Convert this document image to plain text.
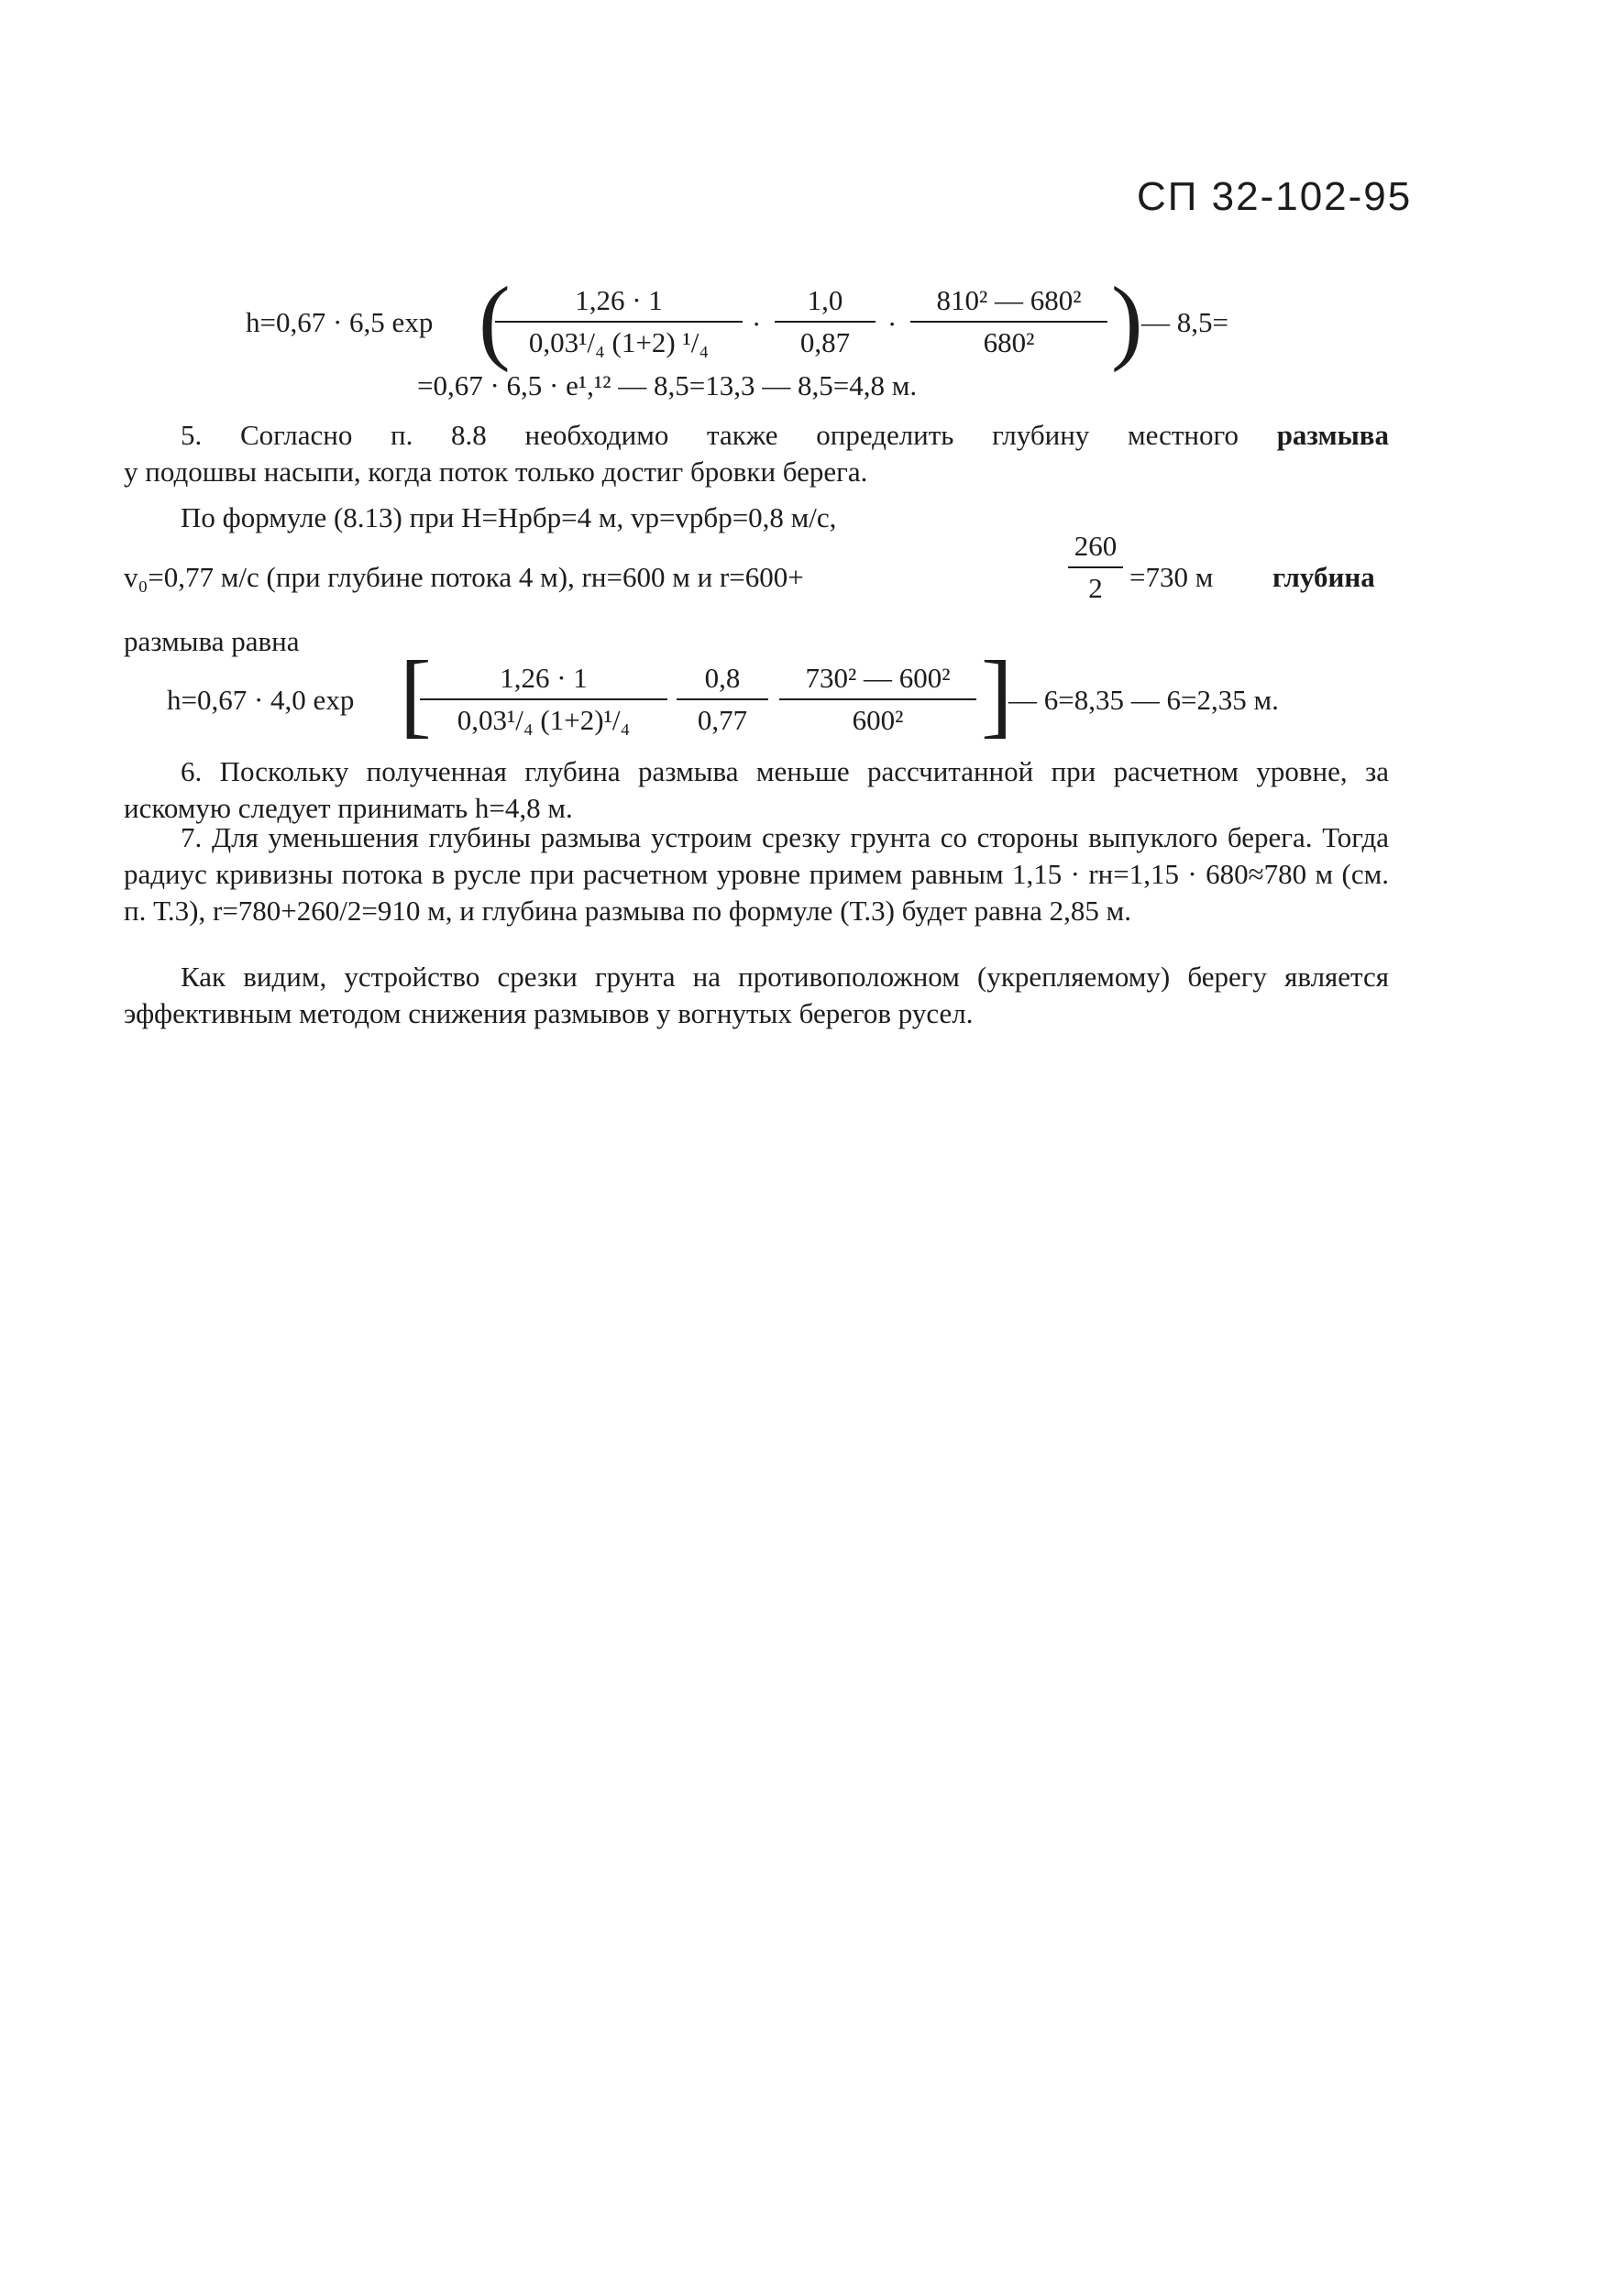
СП 32-102-95
h=0,67 · 6,5 exp (
$\frac{1,26 \cdot 1}{\text{0,03¹/₄ (1+2) ¹/₄}} \cdot \frac{1,0}{0,87} \cdot \frac{\text{810² — 680²}}{\text{680²}}$ )
— 8,5=
=0,67 · 6,5 · e¹,¹² — 8,5=13,3 — 8,5=4,8 м.
5. Согласно п. 8.8 необходимо также определить глубину местного размыва
у подошвы насыпи, когда поток только достиг бровки берега.
По формуле (8.13) при H=Hрбр=4 м, vр=vрбр=0,8 м/с,
v₀=0,77 м/с (при глубине потока 4 м), rн=600 м и r=600+	$\frac{260}{2} =730$ м глубина
размыва равна
h=0,67 · 4,0 exp [
$\frac{1,26 \cdot 1}{\text{0,03¹/₄ (1+2)¹/₄}} \frac{0,8}{0,77} \frac{\text{730² — 600²}}{\text{600²}}$ ]
— 6=8,35 — 6=2,35 м.
6. Поскольку полученная глубина размыва меньше рассчитанной при расчетном уровне, за искомую следует принимать h=4,8 м.
7. Для уменьшения глубины размыва устроим срезку грунта со стороны выпуклого берега. Тогда радиус кривизны потока в русле при расчетном уровне примем равным 1,15 · rн=1,15 · 680≈780 м (см. п. Т.3), r=780+260/2=910 м, и глубина размыва по формуле (Т.3) будет равна 2,85 м.
Как видим, устройство срезки грунта на противоположном (укрепляемому) берегу является эффективным методом снижения размывов у вогнутых берегов русел.
